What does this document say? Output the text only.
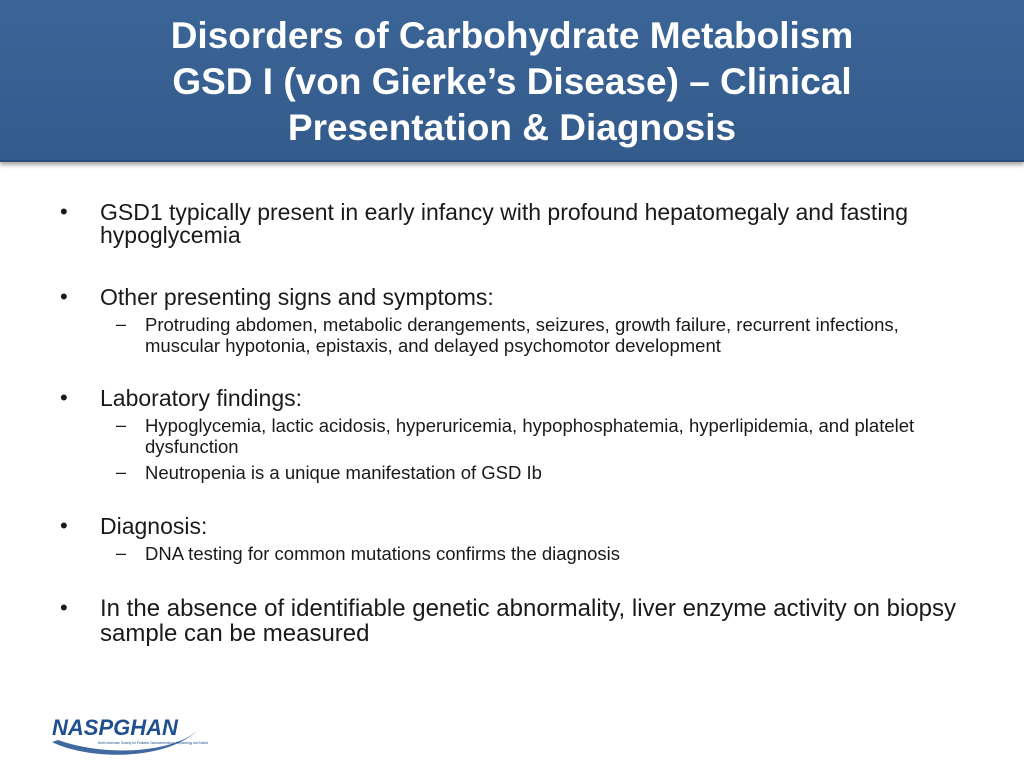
Disorders of Carbohydrate Metabolism
GSD I (von Gierke’s Disease) – Clinical
Presentation & Diagnosis
• GSD1 typically present in early infancy with profound hepatomegaly and fasting hypoglycemia
• Other presenting signs and symptoms:
– Protruding abdomen, metabolic derangements, seizures, growth failure, recurrent infections, muscular hypotonia, epistaxis, and delayed psychomotor development
• Laboratory findings:
– Hypoglycemia, lactic acidosis, hyperuricemia, hypophosphatemia, hyperlipidemia, and platelet dysfunction
– Neutropenia is a unique manifestation of GSD Ib
• Diagnosis:
– DNA testing for common mutations confirms the diagnosis
• In the absence of identifiable genetic abnormality, liver enzyme activity on biopsy sample can be measured
NASPGHAN
North American Society for Pediatric Gastroenterology, Hepatology and Nutrition
